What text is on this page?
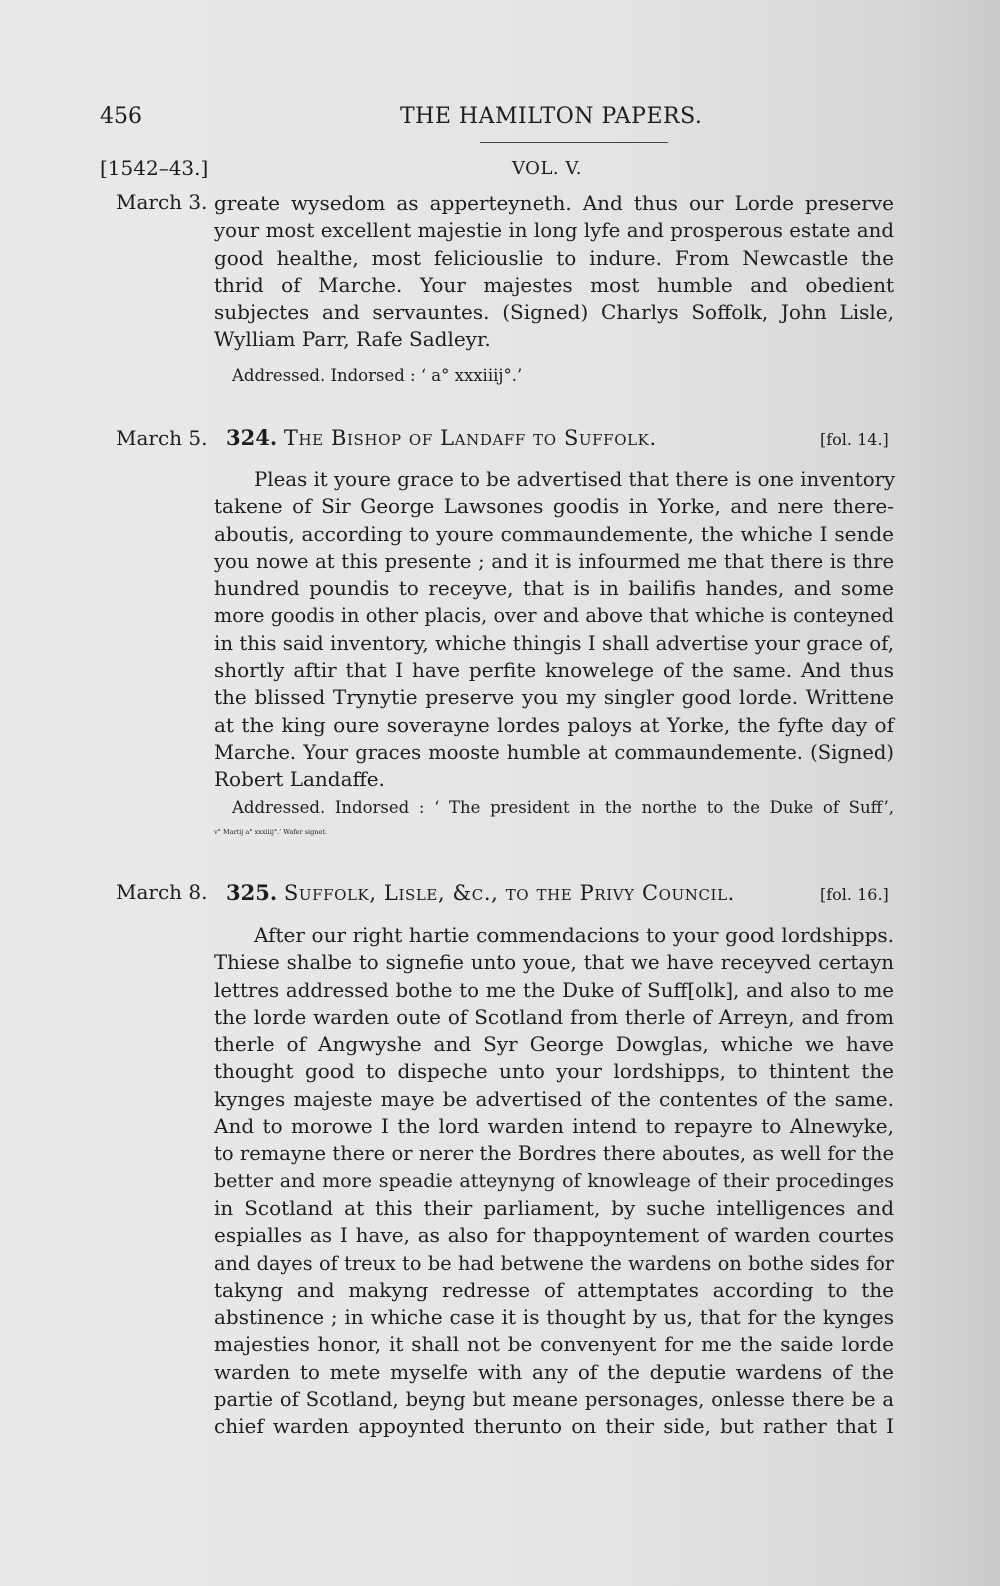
456	THE HAMILTON PAPERS.
[1542–43.]	VOL. V.
March 3. greate wysedom as apperteyneth. And thus our Lorde preserve
your most excellent majestie in long lyfe and prosperous estate and
good healthe, most feliciouslie to indure. From Newcastle the
thrid of Marche. Your majestes most humble and obedient
subjectes and servauntes. (Signed) Charlys Soffolk, John Lisle,
Wylliam Parr, Rafe Sadleyr.
Addressed. Indorsed : ‘ a° xxxiiij°.’
March 5. 324. The Bishop of Landaff to Suffolk.	[fol. 14.]
Pleas it youre grace to be advertised that there is one inventory
takene of Sir George Lawsones goodis in Yorke, and nere there-
aboutis, according to youre commaundemente, the whiche I sende
you nowe at this presente ; and it is infourmed me that there is thre
hundred poundis to receyve, that is in bailifis handes, and some
more goodis in other placis, over and above that whiche is conteyned
in this said inventory, whiche thingis I shall advertise your grace of,
shortly aftir that I have perfite knowelege of the same. And thus
the blissed Trynytie preserve you my singler good lorde. Writtene
at the king oure soverayne lordes paloys at Yorke, the fyfte day of
Marche. Your graces mooste humble at commaundemente. (Signed)
Robert Landaffe.
Addressed. Indorsed : ‘ The president in the northe to the Duke of Suff’,
v° Martij a° xxxiiij°.’ Wafer signet.
March 8. 325. Suffolk, Lisle, &c., to the Privy Council.	[fol. 16.]
After our right hartie commendacions to your good lordshipps.
Thiese shalbe to signefie unto youe, that we have receyved certayn
lettres addressed bothe to me the Duke of Suff[olk], and also to me
the lorde warden oute of Scotland from therle of Arreyn, and from
therle of Angwyshe and Syr George Dowglas, whiche we have
thought good to dispeche unto your lordshipps, to thintent the
kynges majeste maye be advertised of the contentes of the same.
And to morowe I the lord warden intend to repayre to Alnewyke,
to remayne there or nerer the Bordres there aboutes, as well for the
better and more speadie atteynyng of knowleage of their procedinges
in Scotland at this their parliament, by suche intelligences and
espialles as I have, as also for thappoyntement of warden courtes
and dayes of treux to be had betwene the wardens on bothe sides for
takyng and makyng redresse of attemptates according to the
abstinence ; in whiche case it is thought by us, that for the kynges
majesties honor, it shall not be convenyent for me the saide lorde
warden to mete myselfe with any of the deputie wardens of the
partie of Scotland, beyng but meane personages, onlesse there be a
chief warden appoynted therunto on their side, but rather that I
